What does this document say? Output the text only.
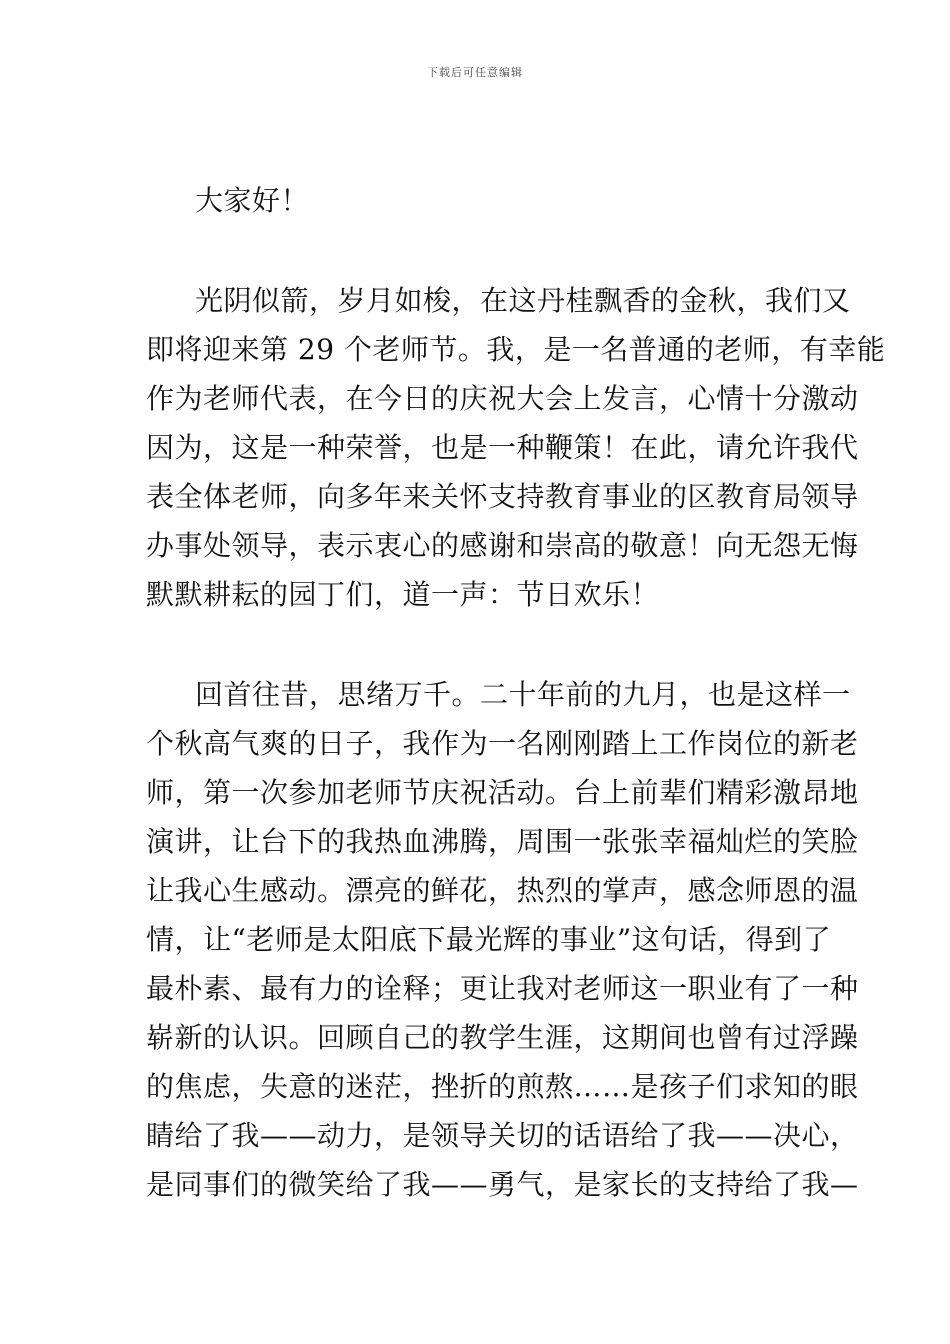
下载后可任意编辑
大家好！
光阴似箭，岁月如梭，在这丹桂飘香的金秋，我们又
即将迎来第 29 个老师节。我，是一名普通的老师，有幸能
作为老师代表，在今日的庆祝大会上发言，心情十分激动
因为，这是一种荣誉，也是一种鞭策！在此，请允许我代
表全体老师，向多年来关怀支持教育事业的区教育局领导
办事处领导，表示衷心的感谢和崇高的敬意！向无怨无悔
默默耕耘的园丁们，道一声：节日欢乐！
回首往昔，思绪万千。二十年前的九月，也是这样一
个秋高气爽的日子，我作为一名刚刚踏上工作岗位的新老
师，第一次参加老师节庆祝活动。台上前辈们精彩激昂地
演讲，让台下的我热血沸腾，周围一张张幸福灿烂的笑脸
让我心生感动。漂亮的鲜花，热烈的掌声，感念师恩的温
情，让“老师是太阳底下最光辉的事业”这句话，得到了
最朴素、最有力的诠释；更让我对老师这一职业有了一种
崭新的认识。回顾自己的教学生涯，这期间也曾有过浮躁
的焦虑，失意的迷茫，挫折的煎熬……是孩子们求知的眼
睛给了我——动力，是领导关切的话语给了我——决心，
是同事们的微笑给了我——勇气，是家长的支持给了我—
